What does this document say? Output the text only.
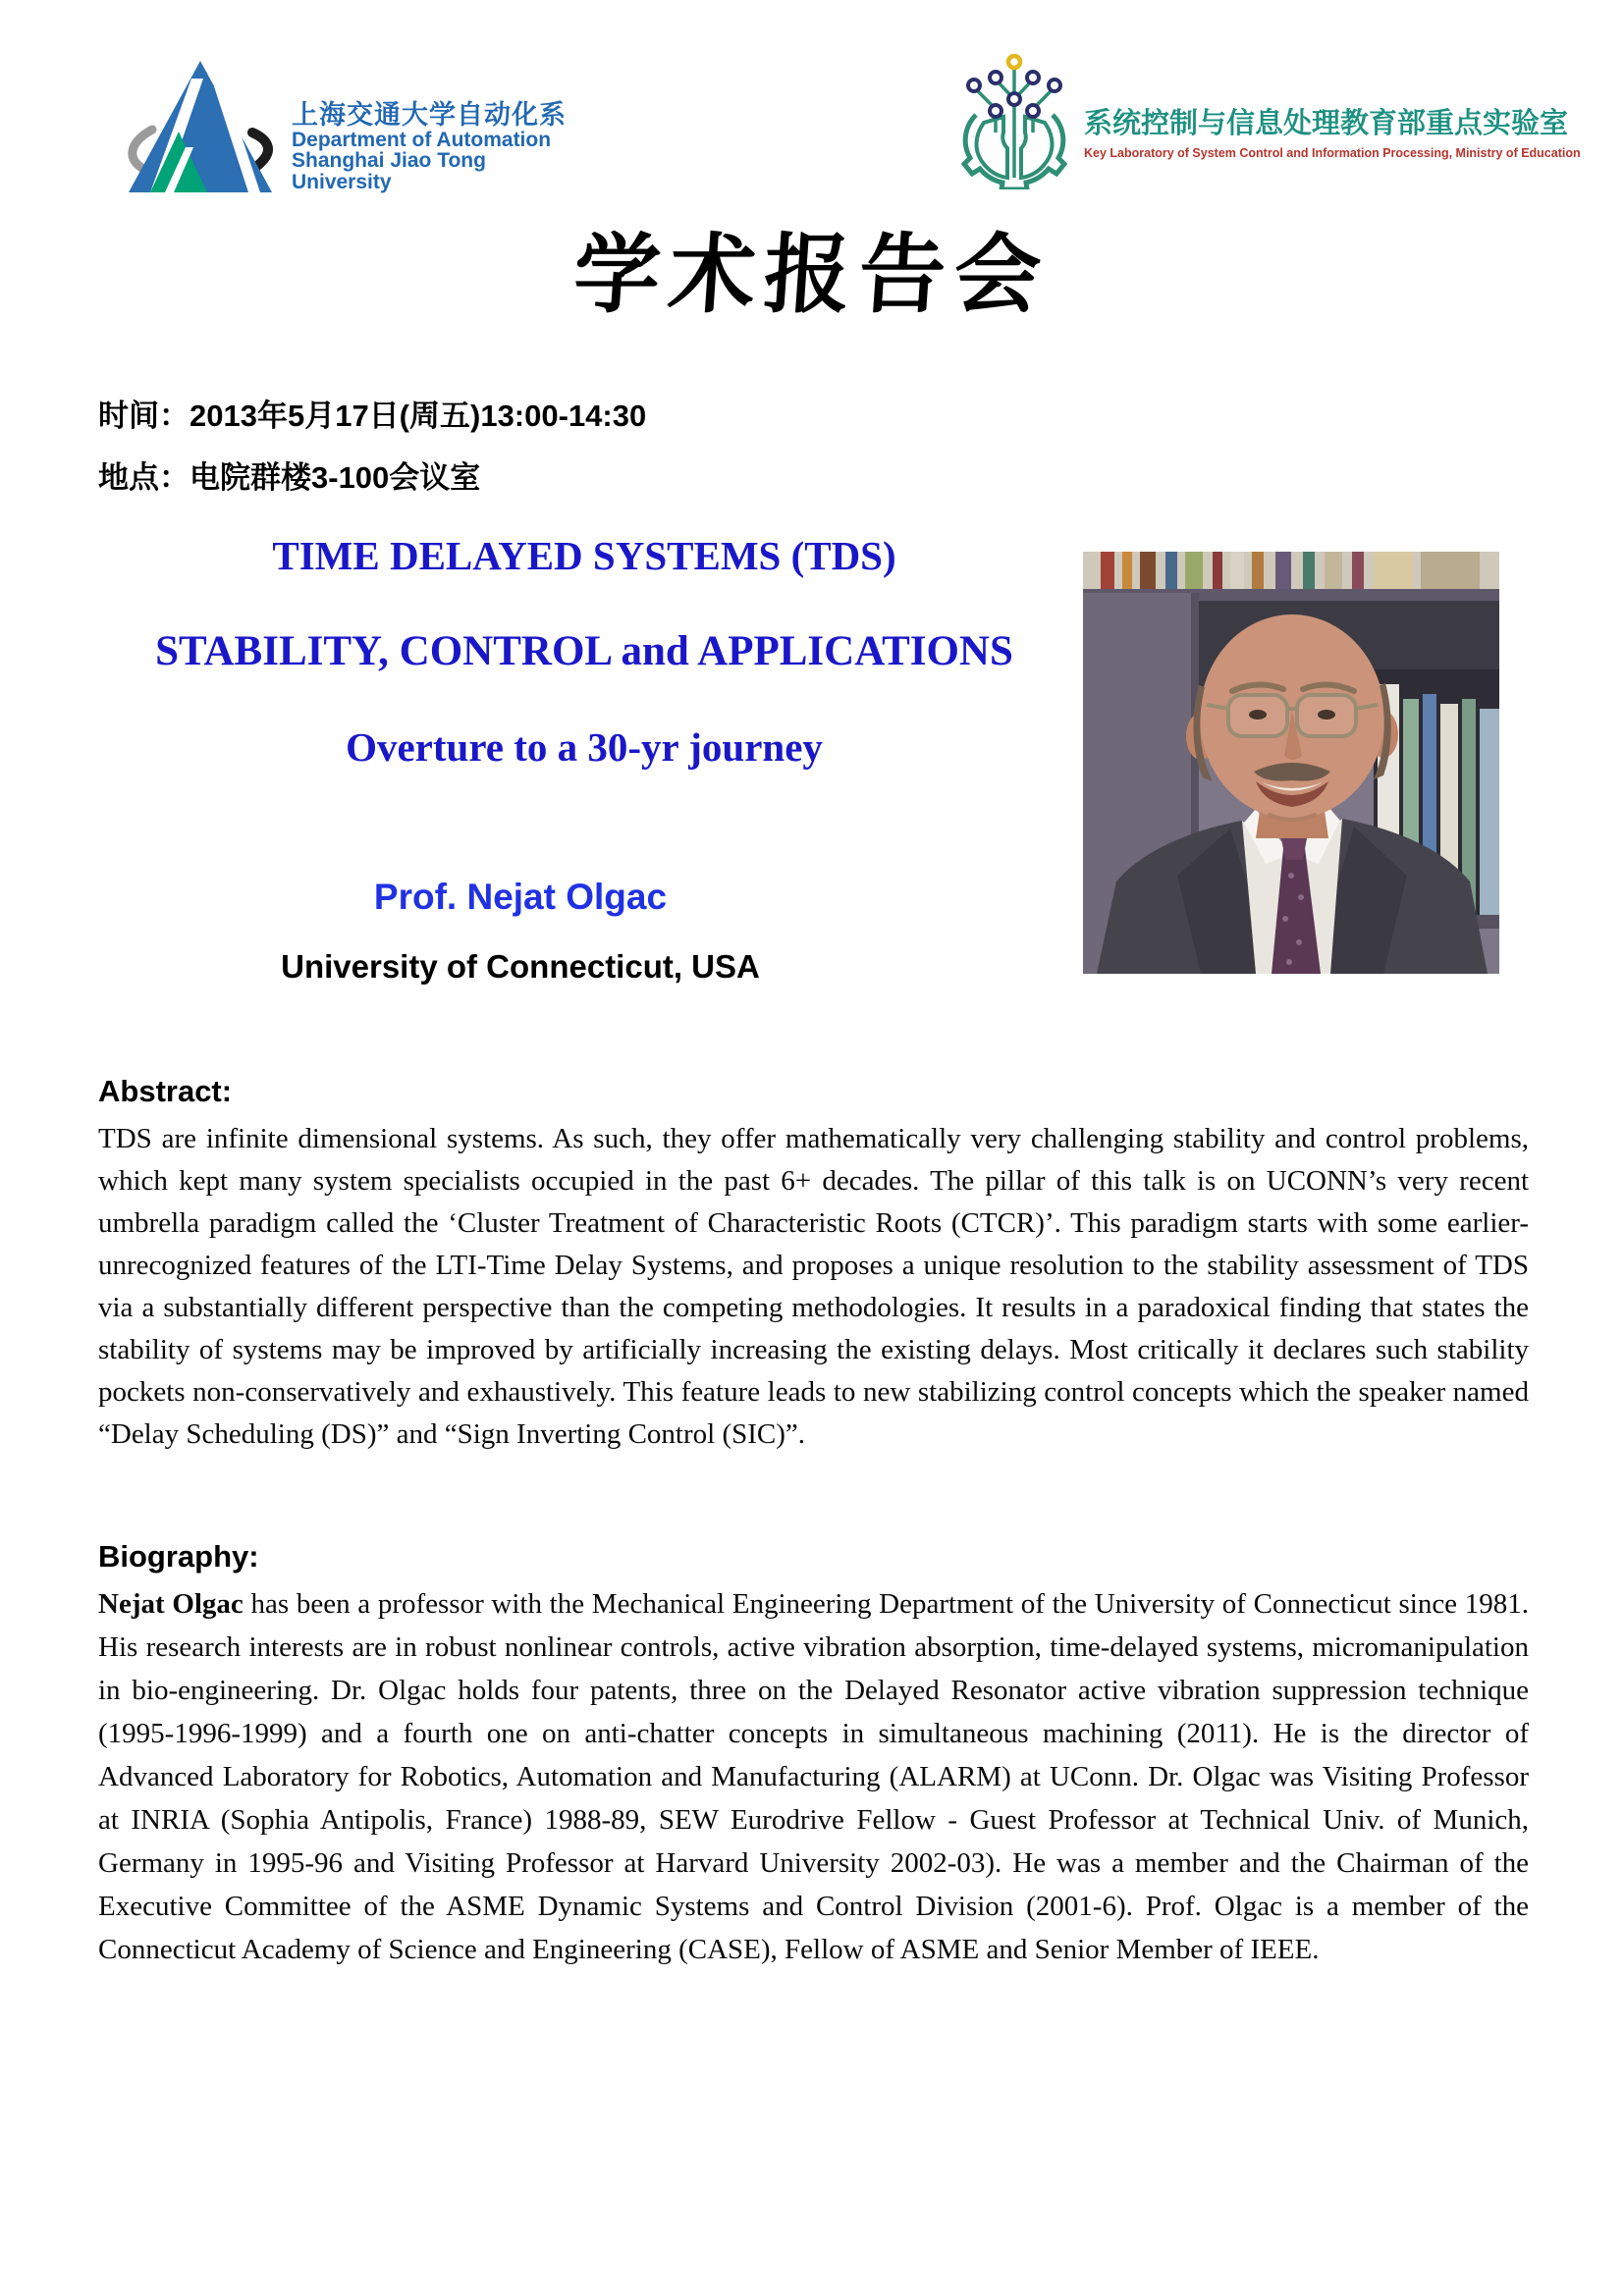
上海交通大学自动化系
Department of Automation
Shanghai Jiao Tong University
系统控制与信息处理教育部重点实验室
Key Laboratory of System Control and Information Processing, Ministry of Education
学术报告会
时间： 2013年5月17日(周五)13:00-14:30
地点： 电院群楼3-100会议室
TIME DELAYED SYSTEMS (TDS)
STABILITY, CONTROL and APPLICATIONS
Overture to a 30-yr journey
Prof. Nejat Olgac
University of Connecticut, USA
Abstract:
TDS are infinite dimensional systems. As such, they offer mathematically very challenging stability and control problems, which kept many system specialists occupied in the past 6+ decades. The pillar of this talk is on UCONN’s very recent umbrella paradigm called the ‘Cluster Treatment of Characteristic Roots (CTCR)’. This paradigm starts with some earlier-unrecognized features of the LTI-Time Delay Systems, and proposes a unique resolution to the stability assessment of TDS via a substantially different perspective than the competing methodologies. It results in a paradoxical finding that states the stability of systems may be improved by artificially increasing the existing delays. Most critically it declares such stability pockets non-conservatively and exhaustively. This feature leads to new stabilizing control concepts which the speaker named “Delay Scheduling (DS)” and “Sign Inverting Control (SIC)”.
Biography:
Nejat Olgac has been a professor with the Mechanical Engineering Department of the University of Connecticut since 1981. His research interests are in robust nonlinear controls, active vibration absorption, time-delayed systems, micromanipulation in bio-engineering. Dr. Olgac holds four patents, three on the Delayed Resonator active vibration suppression technique (1995-1996-1999) and a fourth one on anti-chatter concepts in simultaneous machining (2011). He is the director of Advanced Laboratory for Robotics, Automation and Manufacturing (ALARM) at UConn. Dr. Olgac was Visiting Professor at INRIA (Sophia Antipolis, France) 1988-89, SEW Eurodrive Fellow - Guest Professor at Technical Univ. of Munich, Germany in 1995-96 and Visiting Professor at Harvard University 2002-03). He was a member and the Chairman of the Executive Committee of the ASME Dynamic Systems and Control Division (2001-6). Prof. Olgac is a member of the Connecticut Academy of Science and Engineering (CASE), Fellow of ASME and Senior Member of IEEE.
